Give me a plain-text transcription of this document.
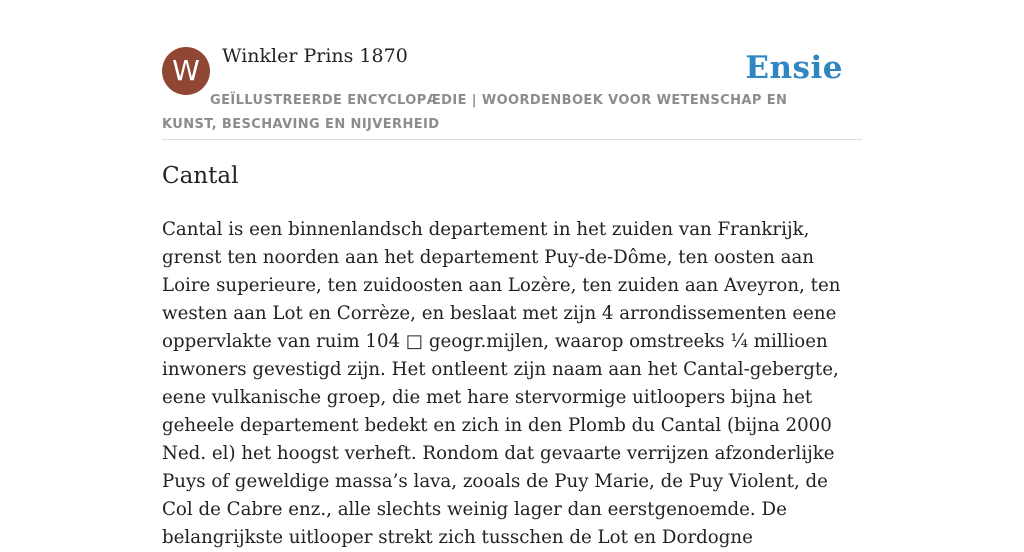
W	Winkler Prins 1870	Ensie
GEÏLLUSTREERDE ENCYCLOPÆDIE | WOORDENBOEK VOOR WETENSCHAP EN KUNST, BESCHAVING EN NIJVERHEID
Cantal

Cantal is een binnenlandsch departement in het zuiden van Frankrijk, grenst ten noorden aan het departement Puy-de-Dôme, ten oosten aan Loire superieure, ten zuidoosten aan Lozère, ten zuiden aan Aveyron, ten westen aan Lot en Corrèze, en beslaat met zijn 4 arrondissementen eene oppervlakte van ruim 104 □ geogr.mijlen, waarop omstreeks ¼ millioen inwoners gevestigd zijn. Het ontleent zijn naam aan het Cantal-gebergte, eene vulkanische groep, die met hare stervormige uitloopers bijna het geheele departement bedekt en zich in den Plomb du Cantal (bijna 2000 Ned. el) het hoogst verheft. Rondom dat gevaarte verrijzen afzonderlijke Puys of geweldige massa’s lava, zooals de Puy Marie, de Puy Violent, de Col de Cabre enz., alle slechts weinig lager dan eerstgenoemde. De belangrijkste uitlooper strekt zich tusschen de Lot en Dordogne
